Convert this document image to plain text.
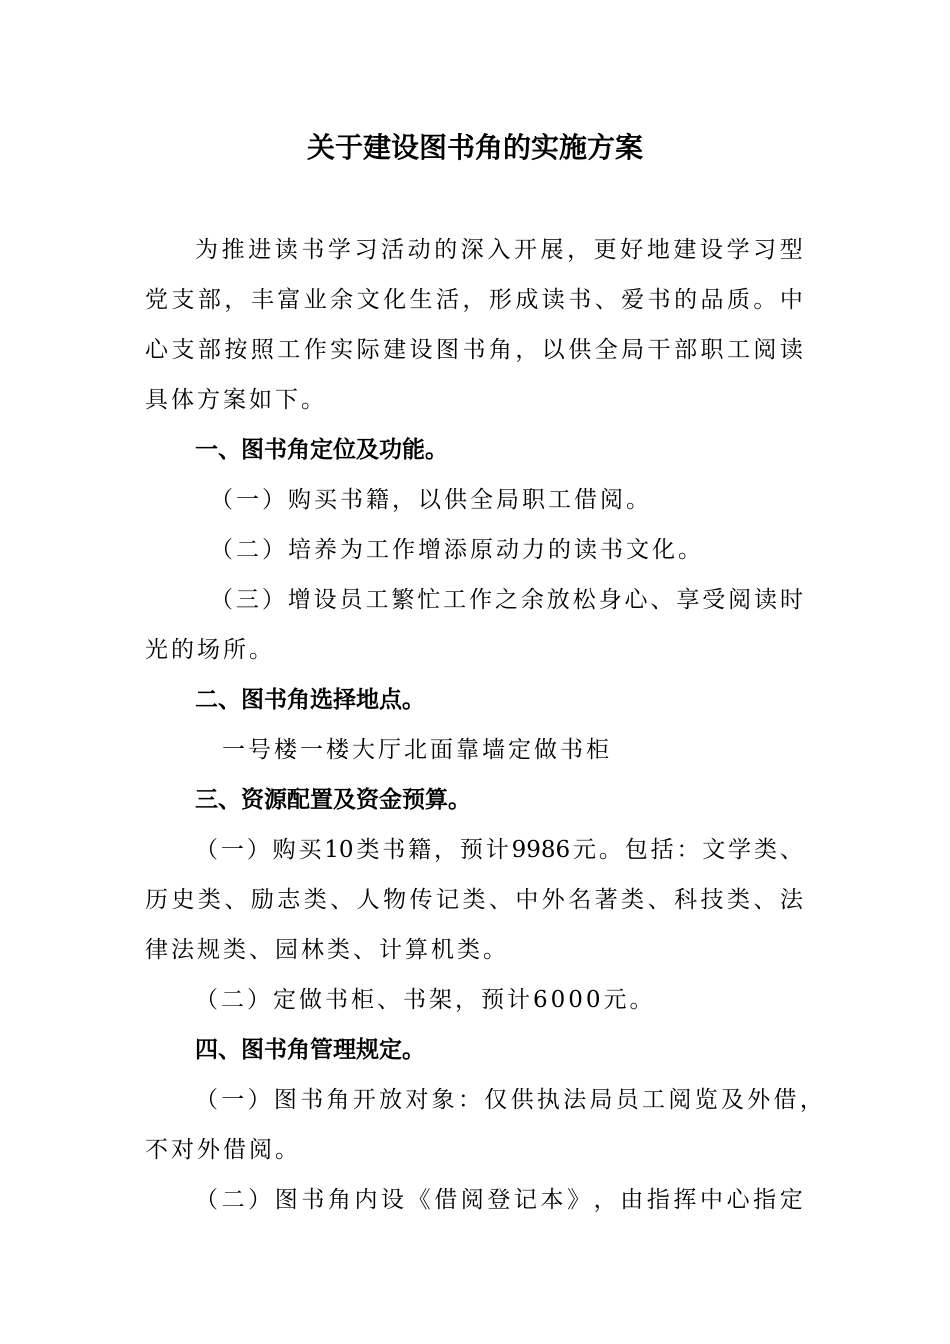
关于建设图书角的实施方案
为 推 进 读 书 学 习 活 动 的 深 入 开 展 ， 更 好 地 建 设 学 习 型
党 支 部 ， 丰 富 业 余 文 化 生 活 ， 形 成 读 书 、 爱 书 的 品 质 。 中
心 支 部 按 照 工 作 实 际 建 设 图 书 角 ， 以 供 全 局 干 部 职 工 阅 读
具体方案如下。
一、图书角定位及功能。
（一）购买书籍，以供全局职工借阅。
（二）培养为工作增添原动力的读书文化。
（ 三 ） 增 设 员 工 繁 忙 工 作 之 余 放 松 身 心 、 享 受 阅 读 时
光的场所。
二、图书角选择地点。
一号楼一楼大厅北面靠墙定做书柜
三、资源配置及资金预算。
（ 一 ） 购 买 10 类 书 籍 ， 预 计 9986 元 。 包 括 ： 文 学 类 、
历 史 类 、 励 志 类 、 人 物 传 记 类 、 中 外 名 著 类 、 科 技 类 、 法
律法规类、园林类、计算机类。
（二）定做书柜、书架，预计6000元。
四、图书角管理规定。
（ 一 ） 图 书 角 开 放 对 象 ： 仅 供 执 法 局 员 工 阅 览 及 外 借 ，
不对外借阅。
（ 二 ） 图 书 角 内 设 《 借 阅 登 记 本 》 ， 由 指 挥 中 心 指 定
